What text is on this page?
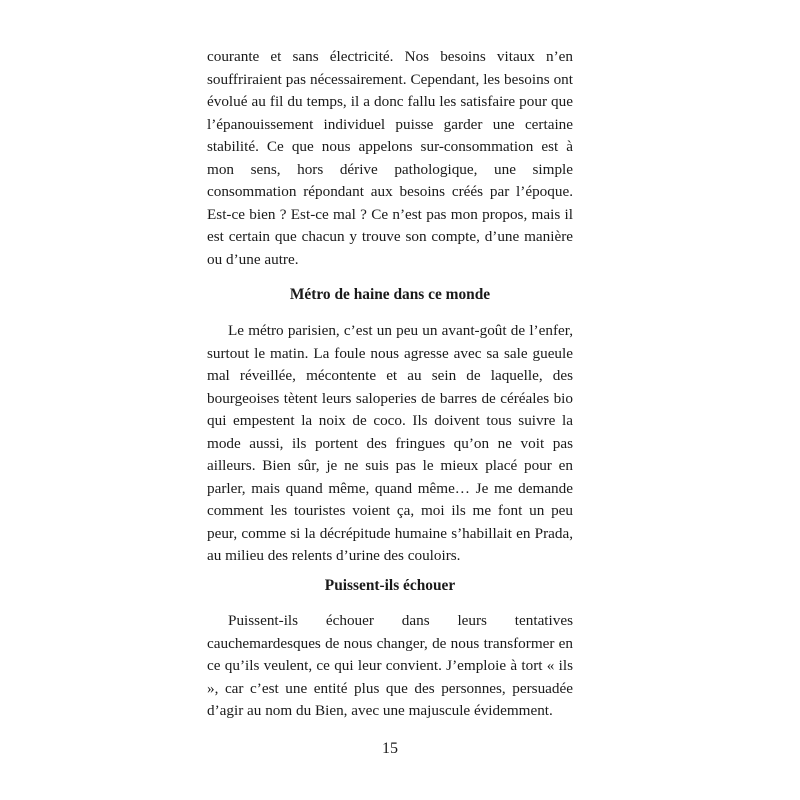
courante et sans électricité. Nos besoins vitaux n’en souffriraient pas nécessairement. Cependant, les besoins ont évolué au fil du temps, il a donc fallu les satisfaire pour que l’épanouissement individuel puisse garder une certaine stabilité. Ce que nous appelons sur-consommation est à mon sens, hors dérive pathologique, une simple consommation répondant aux besoins créés par l’époque. Est-ce bien ? Est-ce mal ? Ce n’est pas mon propos, mais il est certain que chacun y trouve son compte, d’une manière ou d’une autre.

Métro de haine dans ce monde

Le métro parisien, c’est un peu un avant-goût de l’enfer, surtout le matin. La foule nous agresse avec sa sale gueule mal réveillée, mécontente et au sein de laquelle, des bourgeoises tètent leurs saloperies de barres de céréales bio qui empestent la noix de coco. Ils doivent tous suivre la mode aussi, ils portent des fringues qu’on ne voit pas ailleurs. Bien sûr, je ne suis pas le mieux placé pour en parler, mais quand même, quand même… Je me demande comment les touristes voient ça, moi ils me font un peu peur, comme si la décrépitude humaine s’habillait en Prada, au milieu des relents d’urine des couloirs.

Puissent-ils échouer

Puissent-ils échouer dans leurs tentatives cauchemardesques de nous changer, de nous transformer en ce qu’ils veulent, ce qui leur convient. J’emploie à tort « ils », car c’est une entité plus que des personnes, persuadée d’agir au nom du Bien, avec une majuscule évidemment.

15
